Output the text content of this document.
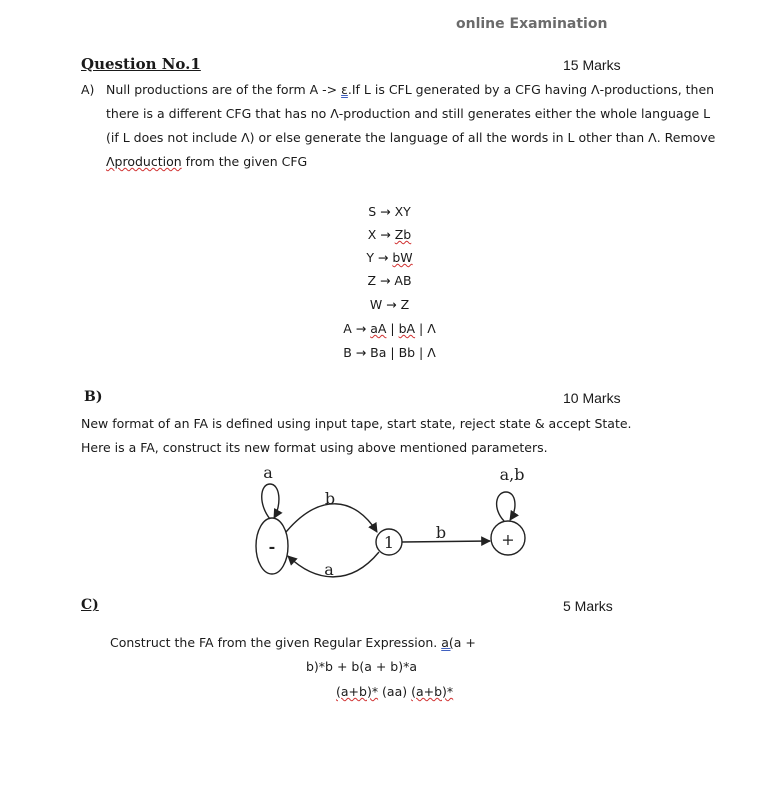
online Examination
Question No.1	15 Marks
A) Null productions are of the form A -> ε.If L is CFL generated by a CFG having Λ-productions, then
there is a different CFG that has no Λ-production and still generates either the whole language L
(if L does not include Λ) or else generate the language of all the words in L other than Λ. Remove
Λproduction from the given CFG
S → XY
X → Zb
Y → bW
Z → AB
W → Z
A → aA | bA | Λ
B → Ba | Bb | Λ
B)	10 Marks
New format of an FA is defined using input tape, start state, reject state & accept State.
Here is a FA, construct its new format using above mentioned parameters.
-	1	+
a
b
a
b
a,b
C)	5 Marks
Construct the FA from the given Regular Expression. a(a +
b)*b + b(a + b)*a
(a+b)* (aa) (a+b)*
